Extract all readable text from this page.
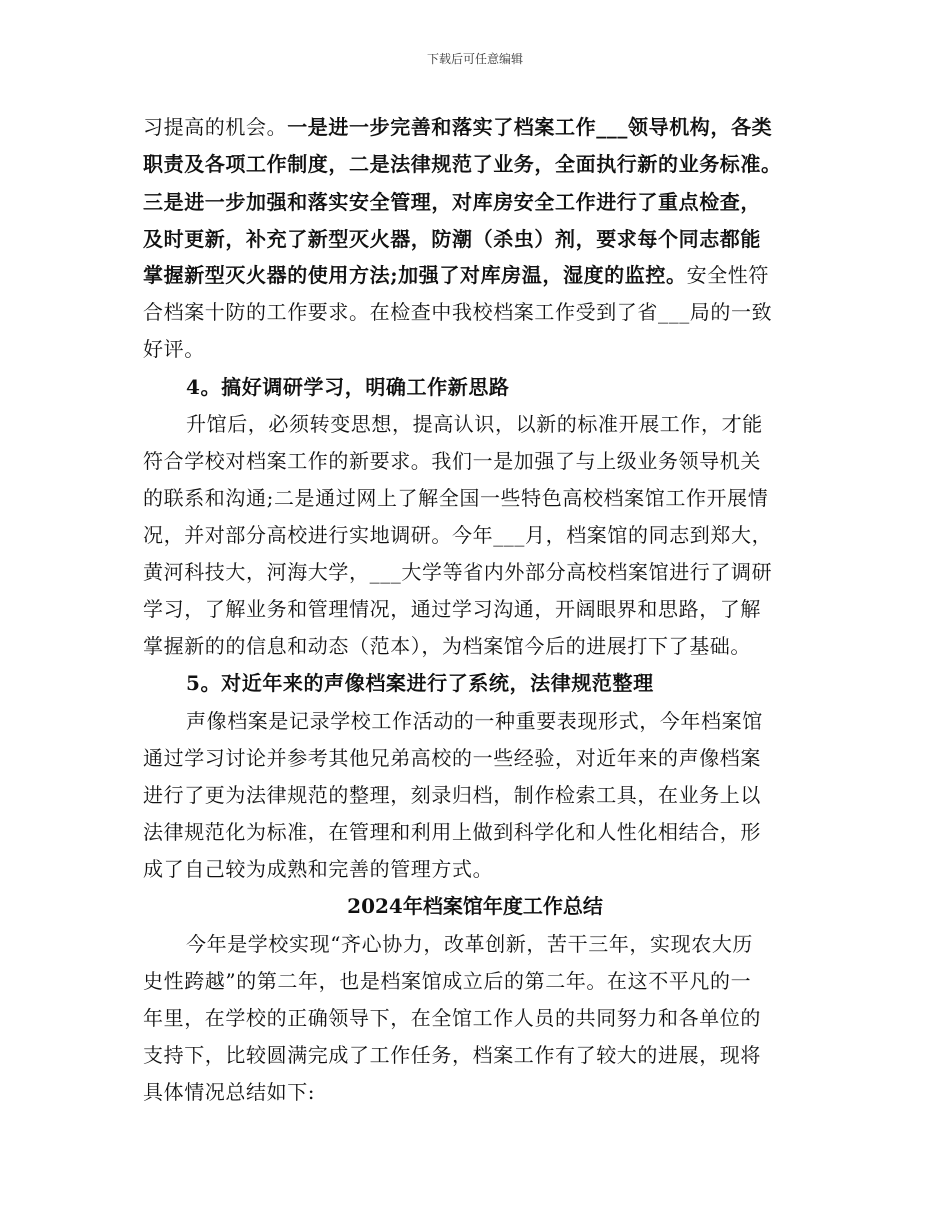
下载后可任意编辑
习提高的机会。一是进一步完善和落实了档案工作___领导机构，各类
职责及各项工作制度，二是法律规范了业务，全面执行新的业务标准。
三是进一步加强和落实安全管理，对库房安全工作进行了重点检查，
及时更新，补充了新型灭火器，防潮（杀虫）剂，要求每个同志都能
掌握新型灭火器的使用方法;加强了对库房温，湿度的监控。安全性符
合档案十防的工作要求。在检查中我校档案工作受到了省___局的一致
好评。
4。搞好调研学习，明确工作新思路
升馆后，必须转变思想，提高认识，以新的标准开展工作，才能
符合学校对档案工作的新要求。我们一是加强了与上级业务领导机关
的联系和沟通;二是通过网上了解全国一些特色高校档案馆工作开展情
况，并对部分高校进行实地调研。今年___月，档案馆的同志到郑大，
黄河科技大，河海大学，___大学等省内外部分高校档案馆进行了调研
学习，了解业务和管理情况，通过学习沟通，开阔眼界和思路，了解
掌握新的的信息和动态（范本），为档案馆今后的进展打下了基础。
5。对近年来的声像档案进行了系统，法律规范整理
声像档案是记录学校工作活动的一种重要表现形式，今年档案馆
通过学习讨论并参考其他兄弟高校的一些经验，对近年来的声像档案
进行了更为法律规范的整理，刻录归档，制作检索工具，在业务上以
法律规范化为标准，在管理和利用上做到科学化和人性化相结合，形
成了自己较为成熟和完善的管理方式。
2024年档案馆年度工作总结
今年是学校实现“齐心协力，改革创新，苦干三年，实现农大历
史性跨越”的第二年，也是档案馆成立后的第二年。在这不平凡的一
年里，在学校的正确领导下，在全馆工作人员的共同努力和各单位的
支持下，比较圆满完成了工作任务，档案工作有了较大的进展，现将
具体情况总结如下:
